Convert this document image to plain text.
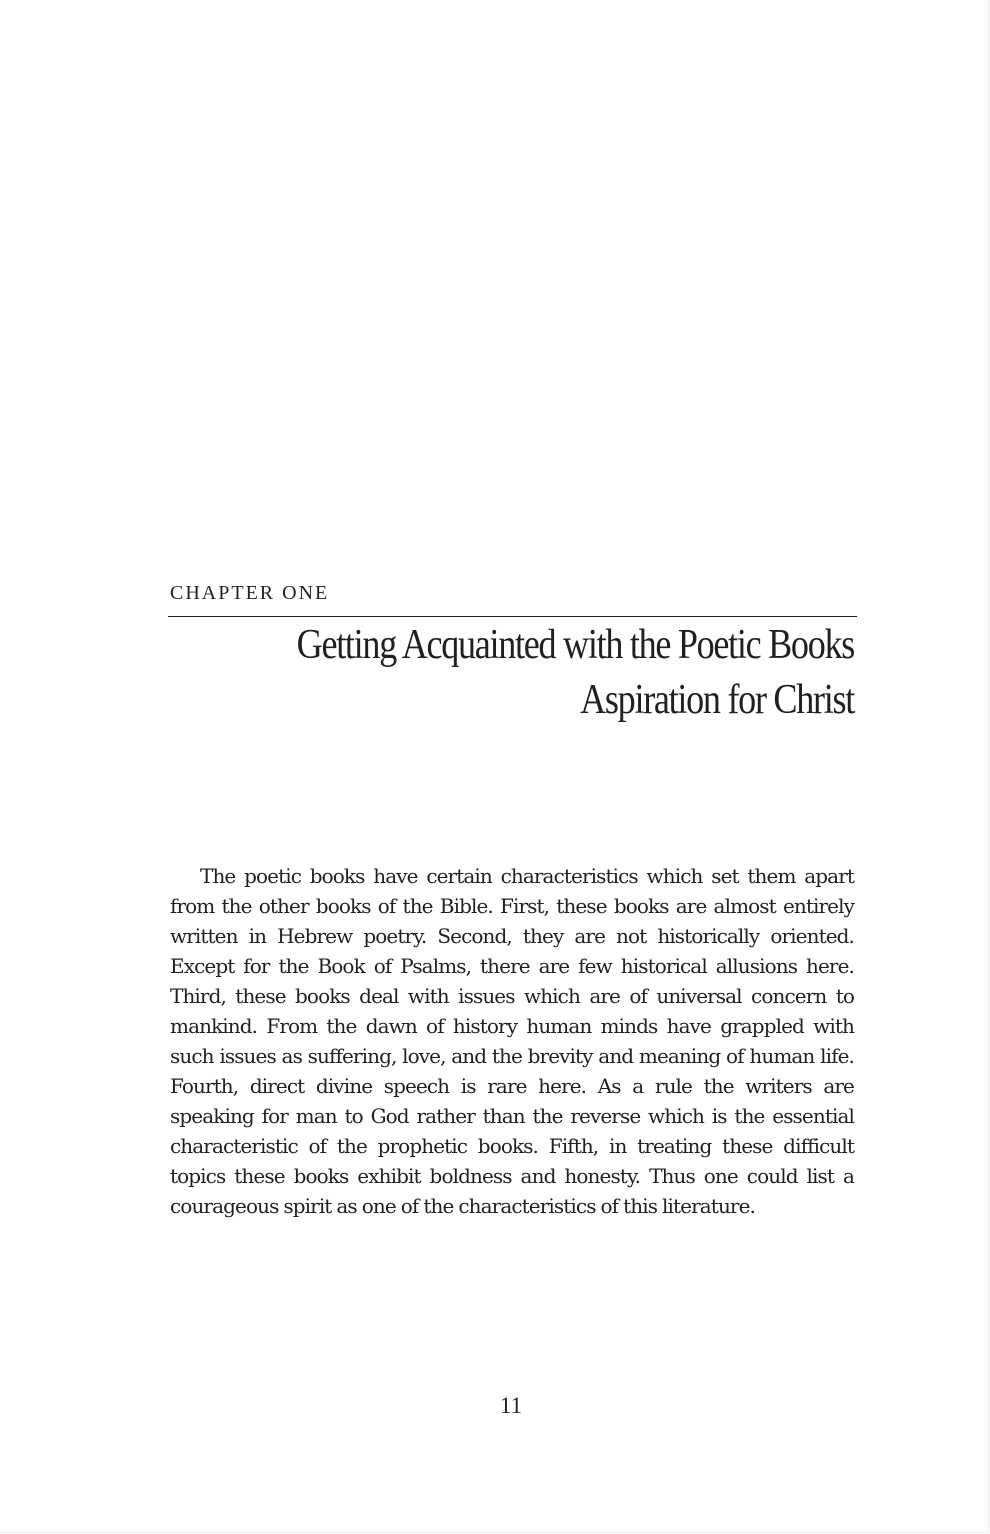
CHAPTER ONE
Getting Acquainted with the Poetic Books
Aspiration for Christ

The poetic books have certain characteristics which set them apart from the other books of the Bible. First, these books are almost entirely written in Hebrew poetry. Second, they are not historically oriented. Except for the Book of Psalms, there are few historical allusions here. Third, these books deal with issues which are of universal concern to mankind. From the dawn of history human minds have grappled with such issues as suffering, love, and the brevity and meaning of human life. Fourth, direct divine speech is rare here. As a rule the writers are speaking for man to God rather than the reverse which is the essential characteristic of the prophetic books. Fifth, in treating these difficult topics these books exhibit boldness and honesty. Thus one could list a courageous spirit as one of the characteristics of this literature.

11
